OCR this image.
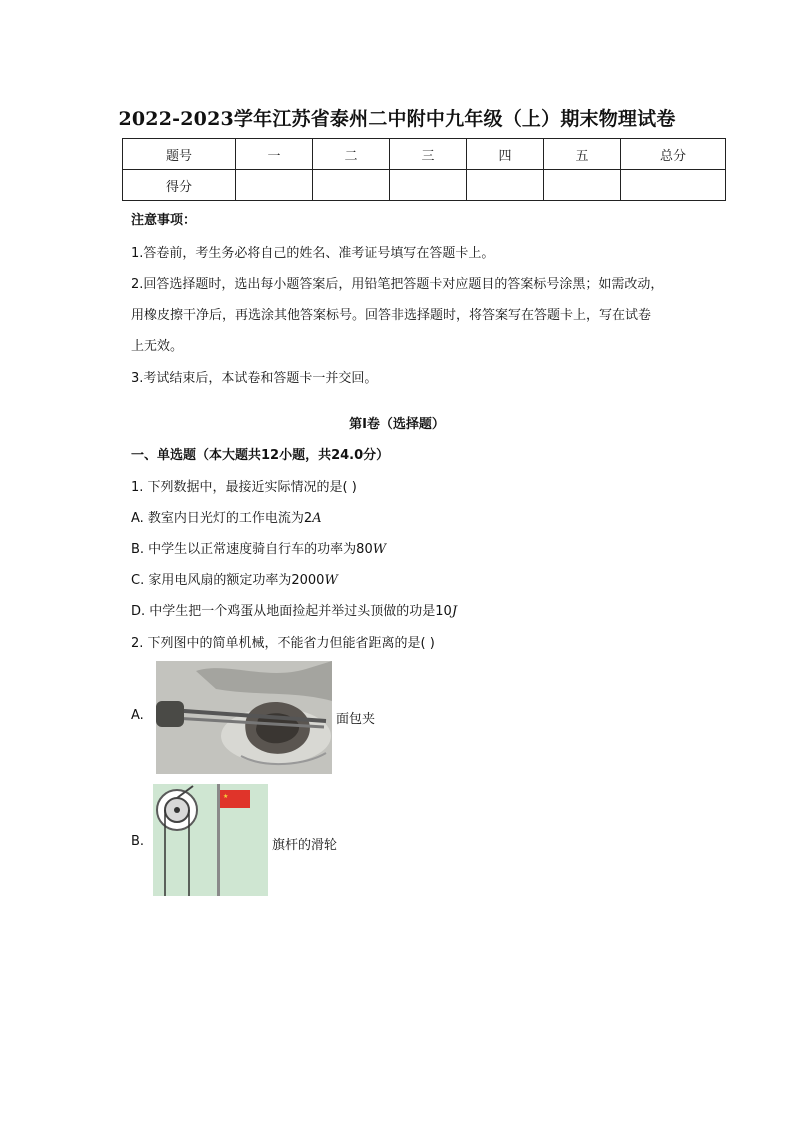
2022-2023学年江苏省泰州二中附中九年级（上）期末物理试卷
题号	一	二	三	四	五	总分
得分						
注意事项：
1.答卷前，考生务必将自己的姓名、准考证号填写在答题卡上。
2.回答选择题时，选出每小题答案后，用铅笔把答题卡对应题目的答案标号涂黑；如需改动，
用橡皮擦干净后，再选涂其他答案标号。回答非选择题时，将答案写在答题卡上，写在试卷
上无效。
3.考试结束后，本试卷和答题卡一并交回。
第I卷（选择题）
一、单选题（本大题共12小题，共24.0分）
1. 下列数据中，最接近实际情况的是( )
A. 教室内日光灯的工作电流为2A
B. 中学生以正常速度骑自行车的功率为80W
C. 家用电风扇的额定功率为2000W
D. 中学生把一个鸡蛋从地面捡起并举过头顶做的功是10J
2. 下列图中的简单机械，不能省力但能省距离的是( )
A.	面包夹
B.
★
旗杆的滑轮
